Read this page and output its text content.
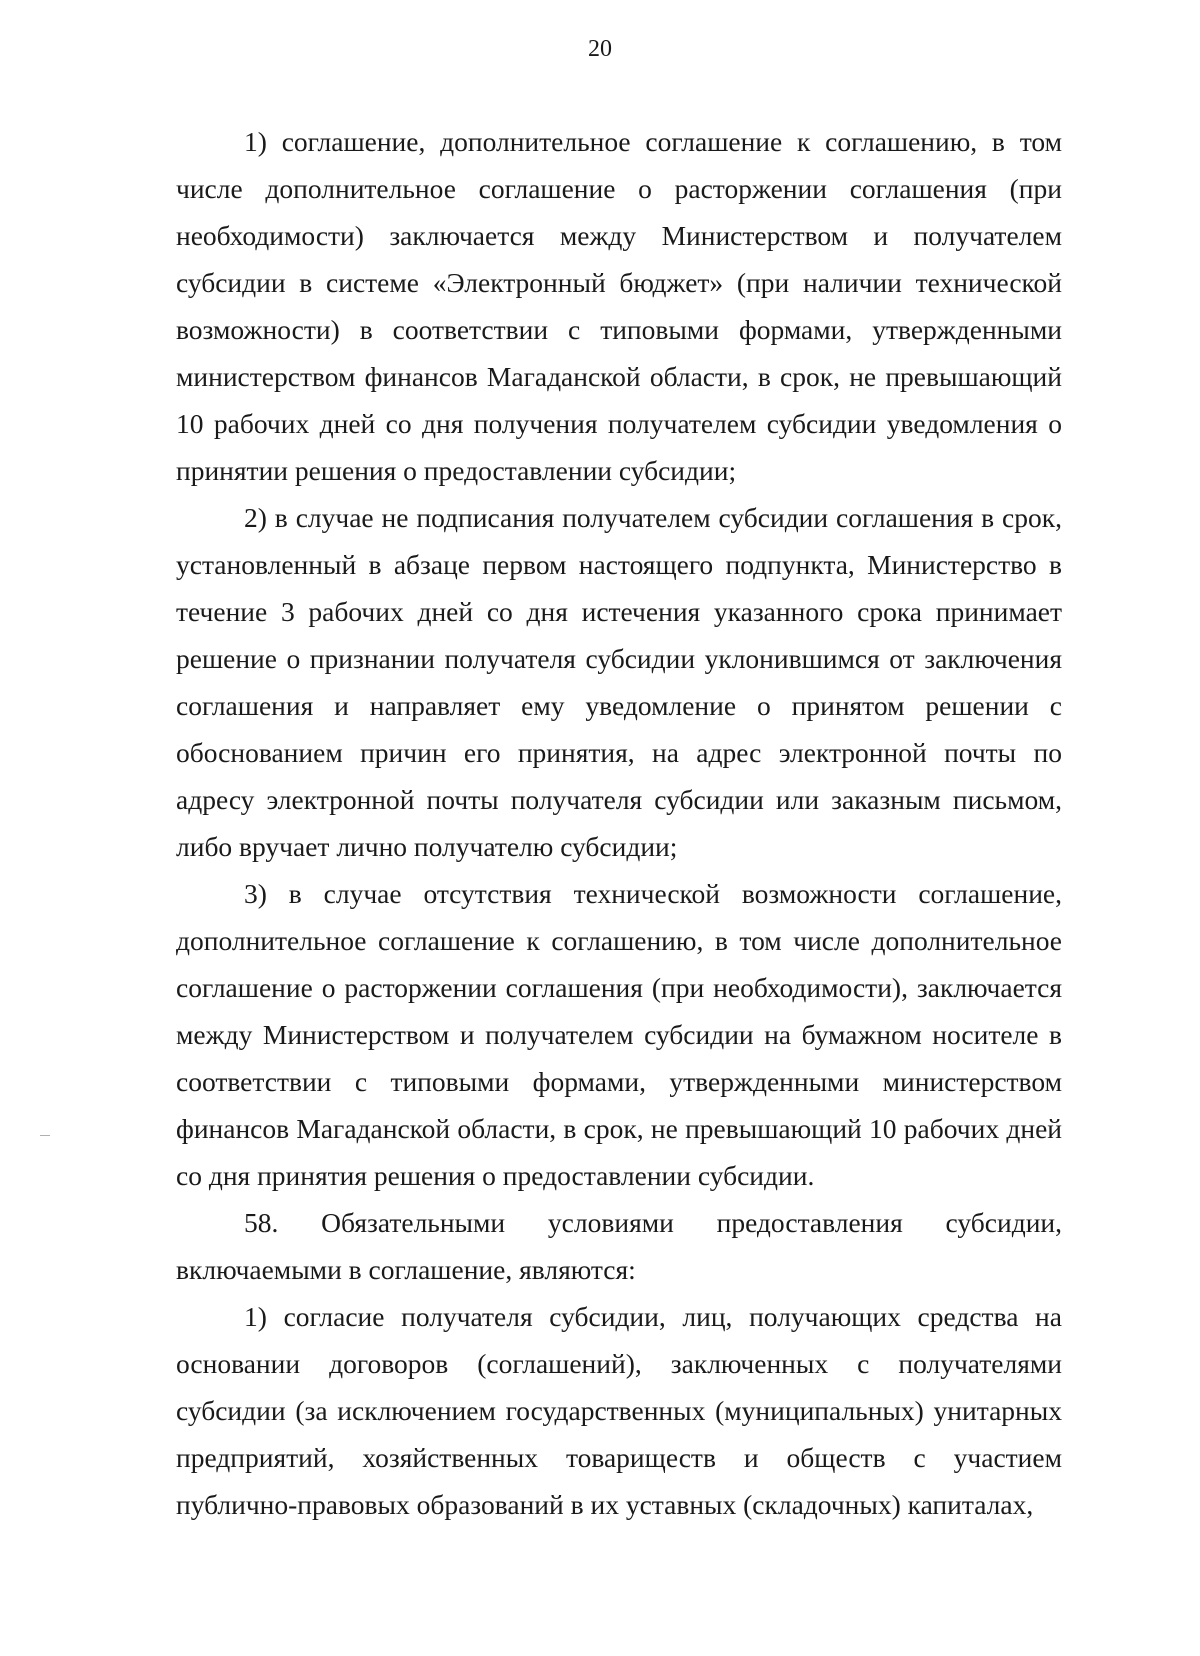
20

1) соглашение, дополнительное соглашение к соглашению, в том числе дополнительное соглашение о расторжении соглашения (при необходимости) заключается между Министерством и получателем субсидии в системе «Электронный бюджет» (при наличии технической возможности) в соответствии с типовыми формами, утвержденными министерством финансов Магаданской области, в срок, не превышающий 10 рабочих дней со дня получения получателем субсидии уведомления о принятии решения о предоставлении субсидии;

2) в случае не подписания получателем субсидии соглашения в срок, установленный в абзаце первом настоящего подпункта, Министерство в течение 3 рабочих дней со дня истечения указанного срока принимает решение о признании получателя субсидии уклонившимся от заключения соглашения и направляет ему уведомление о принятом решении с обоснованием причин его принятия, на адрес электронной почты по адресу электронной почты получателя субсидии или заказным письмом, либо вручает лично получателю субсидии;

3) в случае отсутствия технической возможности соглашение, дополнительное соглашение к соглашению, в том числе дополнительное соглашение о расторжении соглашения (при необходимости), заключается между Министерством и получателем субсидии на бумажном носителе в соответствии с типовыми формами, утвержденными министерством финансов Магаданской области, в срок, не превышающий 10 рабочих дней со дня принятия решения о предоставлении субсидии.

58. Обязательными условиями предоставления субсидии, включаемыми в соглашение, являются:

1) согласие получателя субсидии, лиц, получающих средства на основании договоров (соглашений), заключенных с получателями субсидии (за исключением государственных (муниципальных) унитарных предприятий, хозяйственных товариществ и обществ с участием публично-правовых образований в их уставных (складочных) капиталах,
